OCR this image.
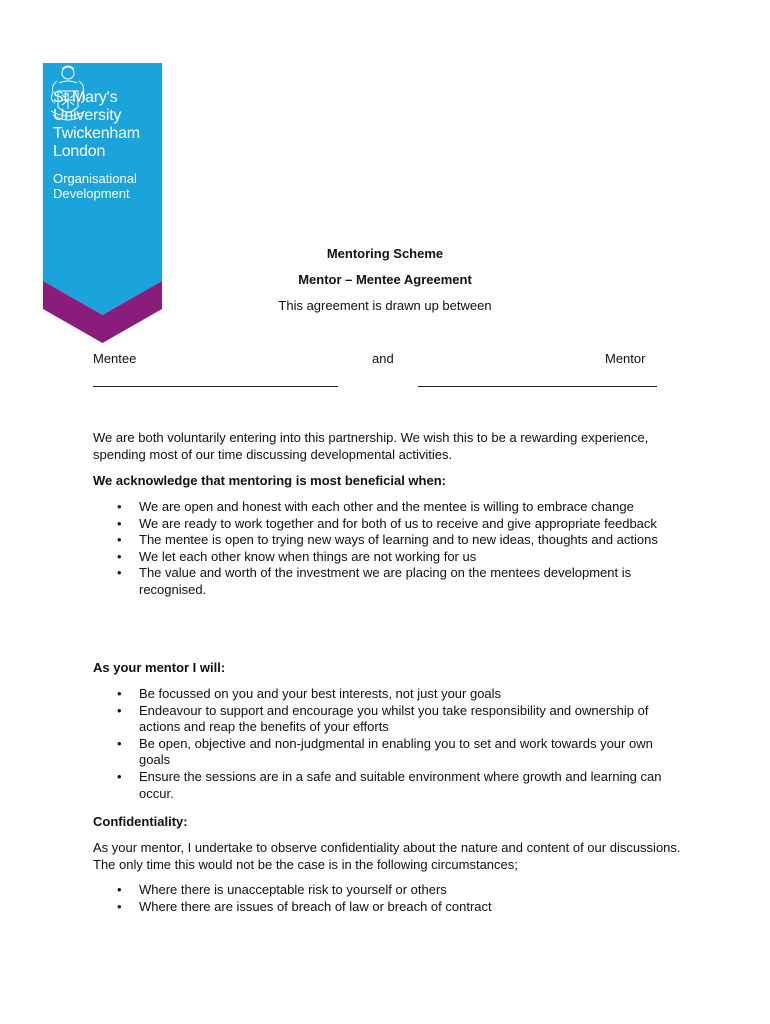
St Mary's
University
Twickenham
London
Organisational
Development
Mentoring Scheme
Mentor – Mentee Agreement
This agreement is drawn up between
Mentee	and	Mentor
We are both voluntarily entering into this partnership. We wish this to be a rewarding experience, spending most of our time discussing developmental activities.
We acknowledge that mentoring is most beneficial when:
• We are open and honest with each other and the mentee is willing to embrace change
• We are ready to work together and for both of us to receive and give appropriate feedback
• The mentee is open to trying new ways of learning and to new ideas, thoughts and actions
• We let each other know when things are not working for us
• The value and worth of the investment we are placing on the mentees development is recognised.
As your mentor I will:
• Be focussed on you and your best interests, not just your goals
• Endeavour to support and encourage you whilst you take responsibility and ownership of actions and reap the benefits of your efforts
• Be open, objective and non-judgmental in enabling you to set and work towards your own goals
• Ensure the sessions are in a safe and suitable environment where growth and learning can occur.
Confidentiality:
As your mentor, I undertake to observe confidentiality about the nature and content of our discussions. The only time this would not be the case is in the following circumstances;
• Where there is unacceptable risk to yourself or others
• Where there are issues of breach of law or breach of contract
